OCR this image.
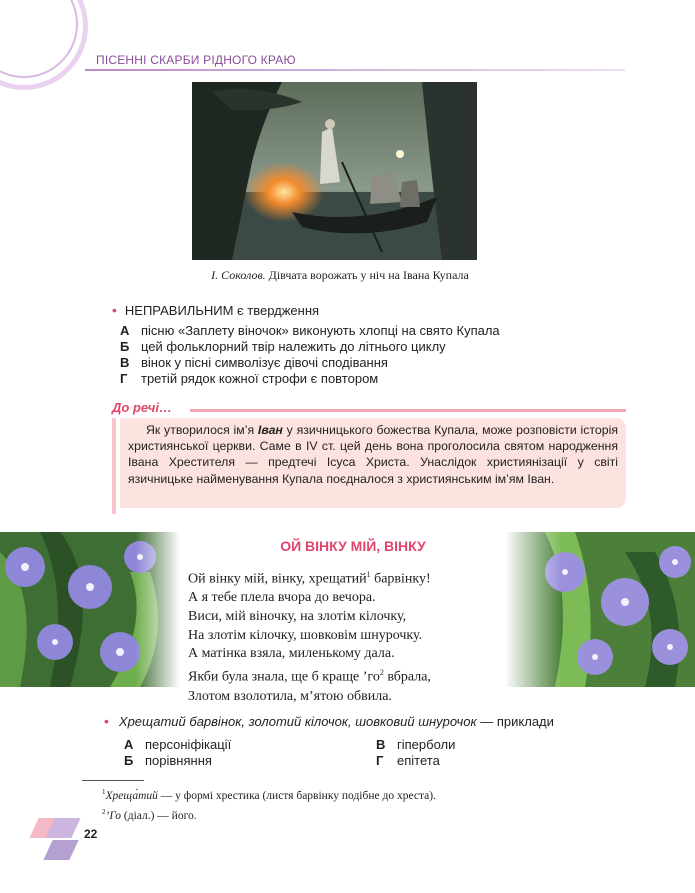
ПІСЕННІ СКАРБИ РІДНОГО КРАЮ
І. Соколов. Дівчата ворожать у ніч на Івана Купала
• НЕПРАВИЛЬНИМ є твердження
А пісню «Заплету віночок» виконують хлопці на свято Купала
Б цей фольклорний твір належить до літнього циклу
В вінок у пісні символізує дівочі сподівання
Г	третій рядок кожної строфи є повтором
До речі…
Як утворилося ім’я Іван у язичницького божества Купала, може розповісти історія християнської церкви. Саме в IV ст. цей день вона проголосила святом народження Івана Хрестителя — предтечі Ісуса Христа. Унаслідок християнізації у світі язичницьке найменування Купала поєдналося з християнським ім’ям Іван.
ОЙ ВІНКУ МІЙ, ВІНКУ
Ой вінку мій, вінку, хрещатий$^1$ барвінку!
А я тебе плела вчора до вечора.
Виси, мій віночку, на злотім кілочку,
На злотім кілочку, шовковім шнурочку.
А матінка взяла, миленькому дала.
Якби була знала, ще б краще $’го^2$ вбрала,
Злотом взолотила, м’ятою обвила.
• Хрещатий барвінок, золотий кілочок, шовковий шнурочок — приклади
А персоніфікації
Б порівняння
В гіперболи
Г	епітета
$^1$Хреща́тий — у формі хрестика (листя барвінку подібне до хреста).
$^2$’Го (діал.) — його.
22
